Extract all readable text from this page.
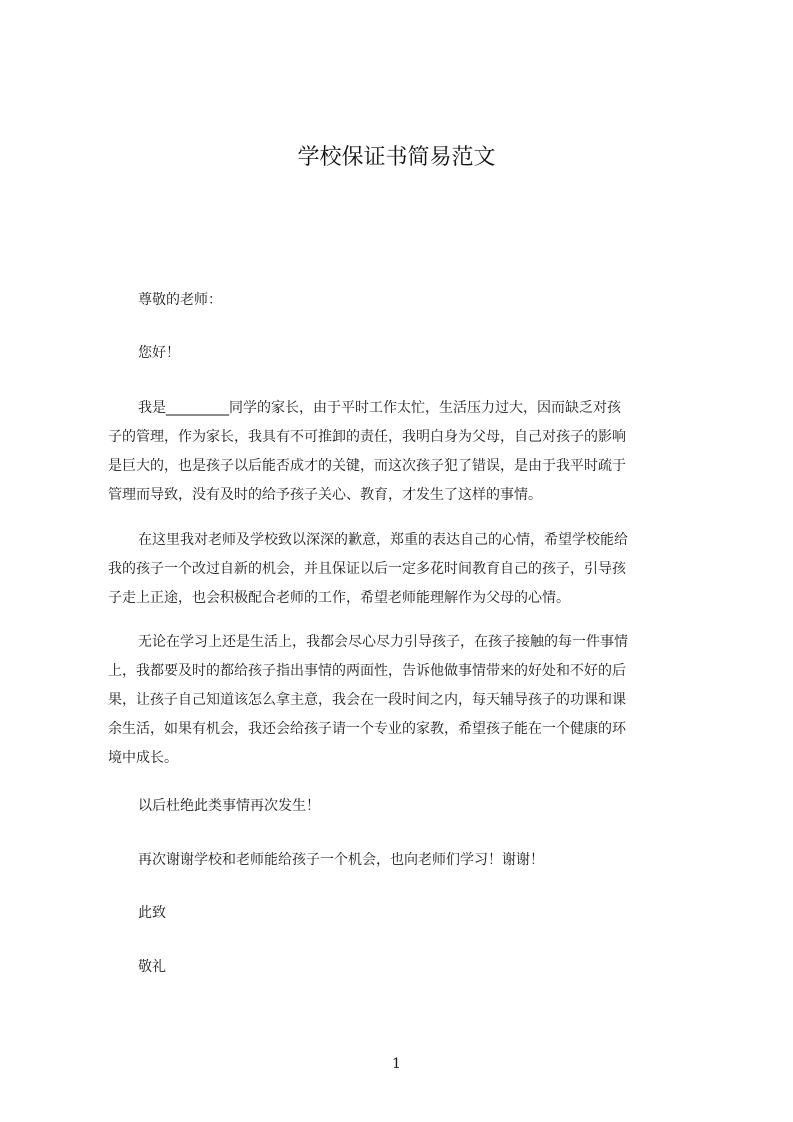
学校保证书简易范文

尊敬的老师：

您好！

我是_________同学的家长，由于平时工作太忙，生活压力过大，因而缺乏对孩
子的管理，作为家长，我具有不可推卸的责任，我明白身为父母，自己对孩子的影响
是巨大的，也是孩子以后能否成才的关键，而这次孩子犯了错误，是由于我平时疏于
管理而导致，没有及时的给予孩子关心、教育，才发生了这样的事情。
在这里我对老师及学校致以深深的歉意，郑重的表达自己的心情，希望学校能给
我的孩子一个改过自新的机会，并且保证以后一定多花时间教育自己的孩子，引导孩
子走上正途，也会积极配合老师的工作，希望老师能理解作为父母的心情。
无论在学习上还是生活上，我都会尽心尽力引导孩子，在孩子接触的每一件事情
上，我都要及时的都给孩子指出事情的两面性，告诉他做事情带来的好处和不好的后
果，让孩子自己知道该怎么拿主意，我会在一段时间之内，每天辅导孩子的功课和课
余生活，如果有机会，我还会给孩子请一个专业的家教，希望孩子能在一个健康的环
境中成长。

以后杜绝此类事情再次发生！

再次谢谢学校和老师能给孩子一个机会，也向老师们学习！谢谢！

此致

敬礼

1
